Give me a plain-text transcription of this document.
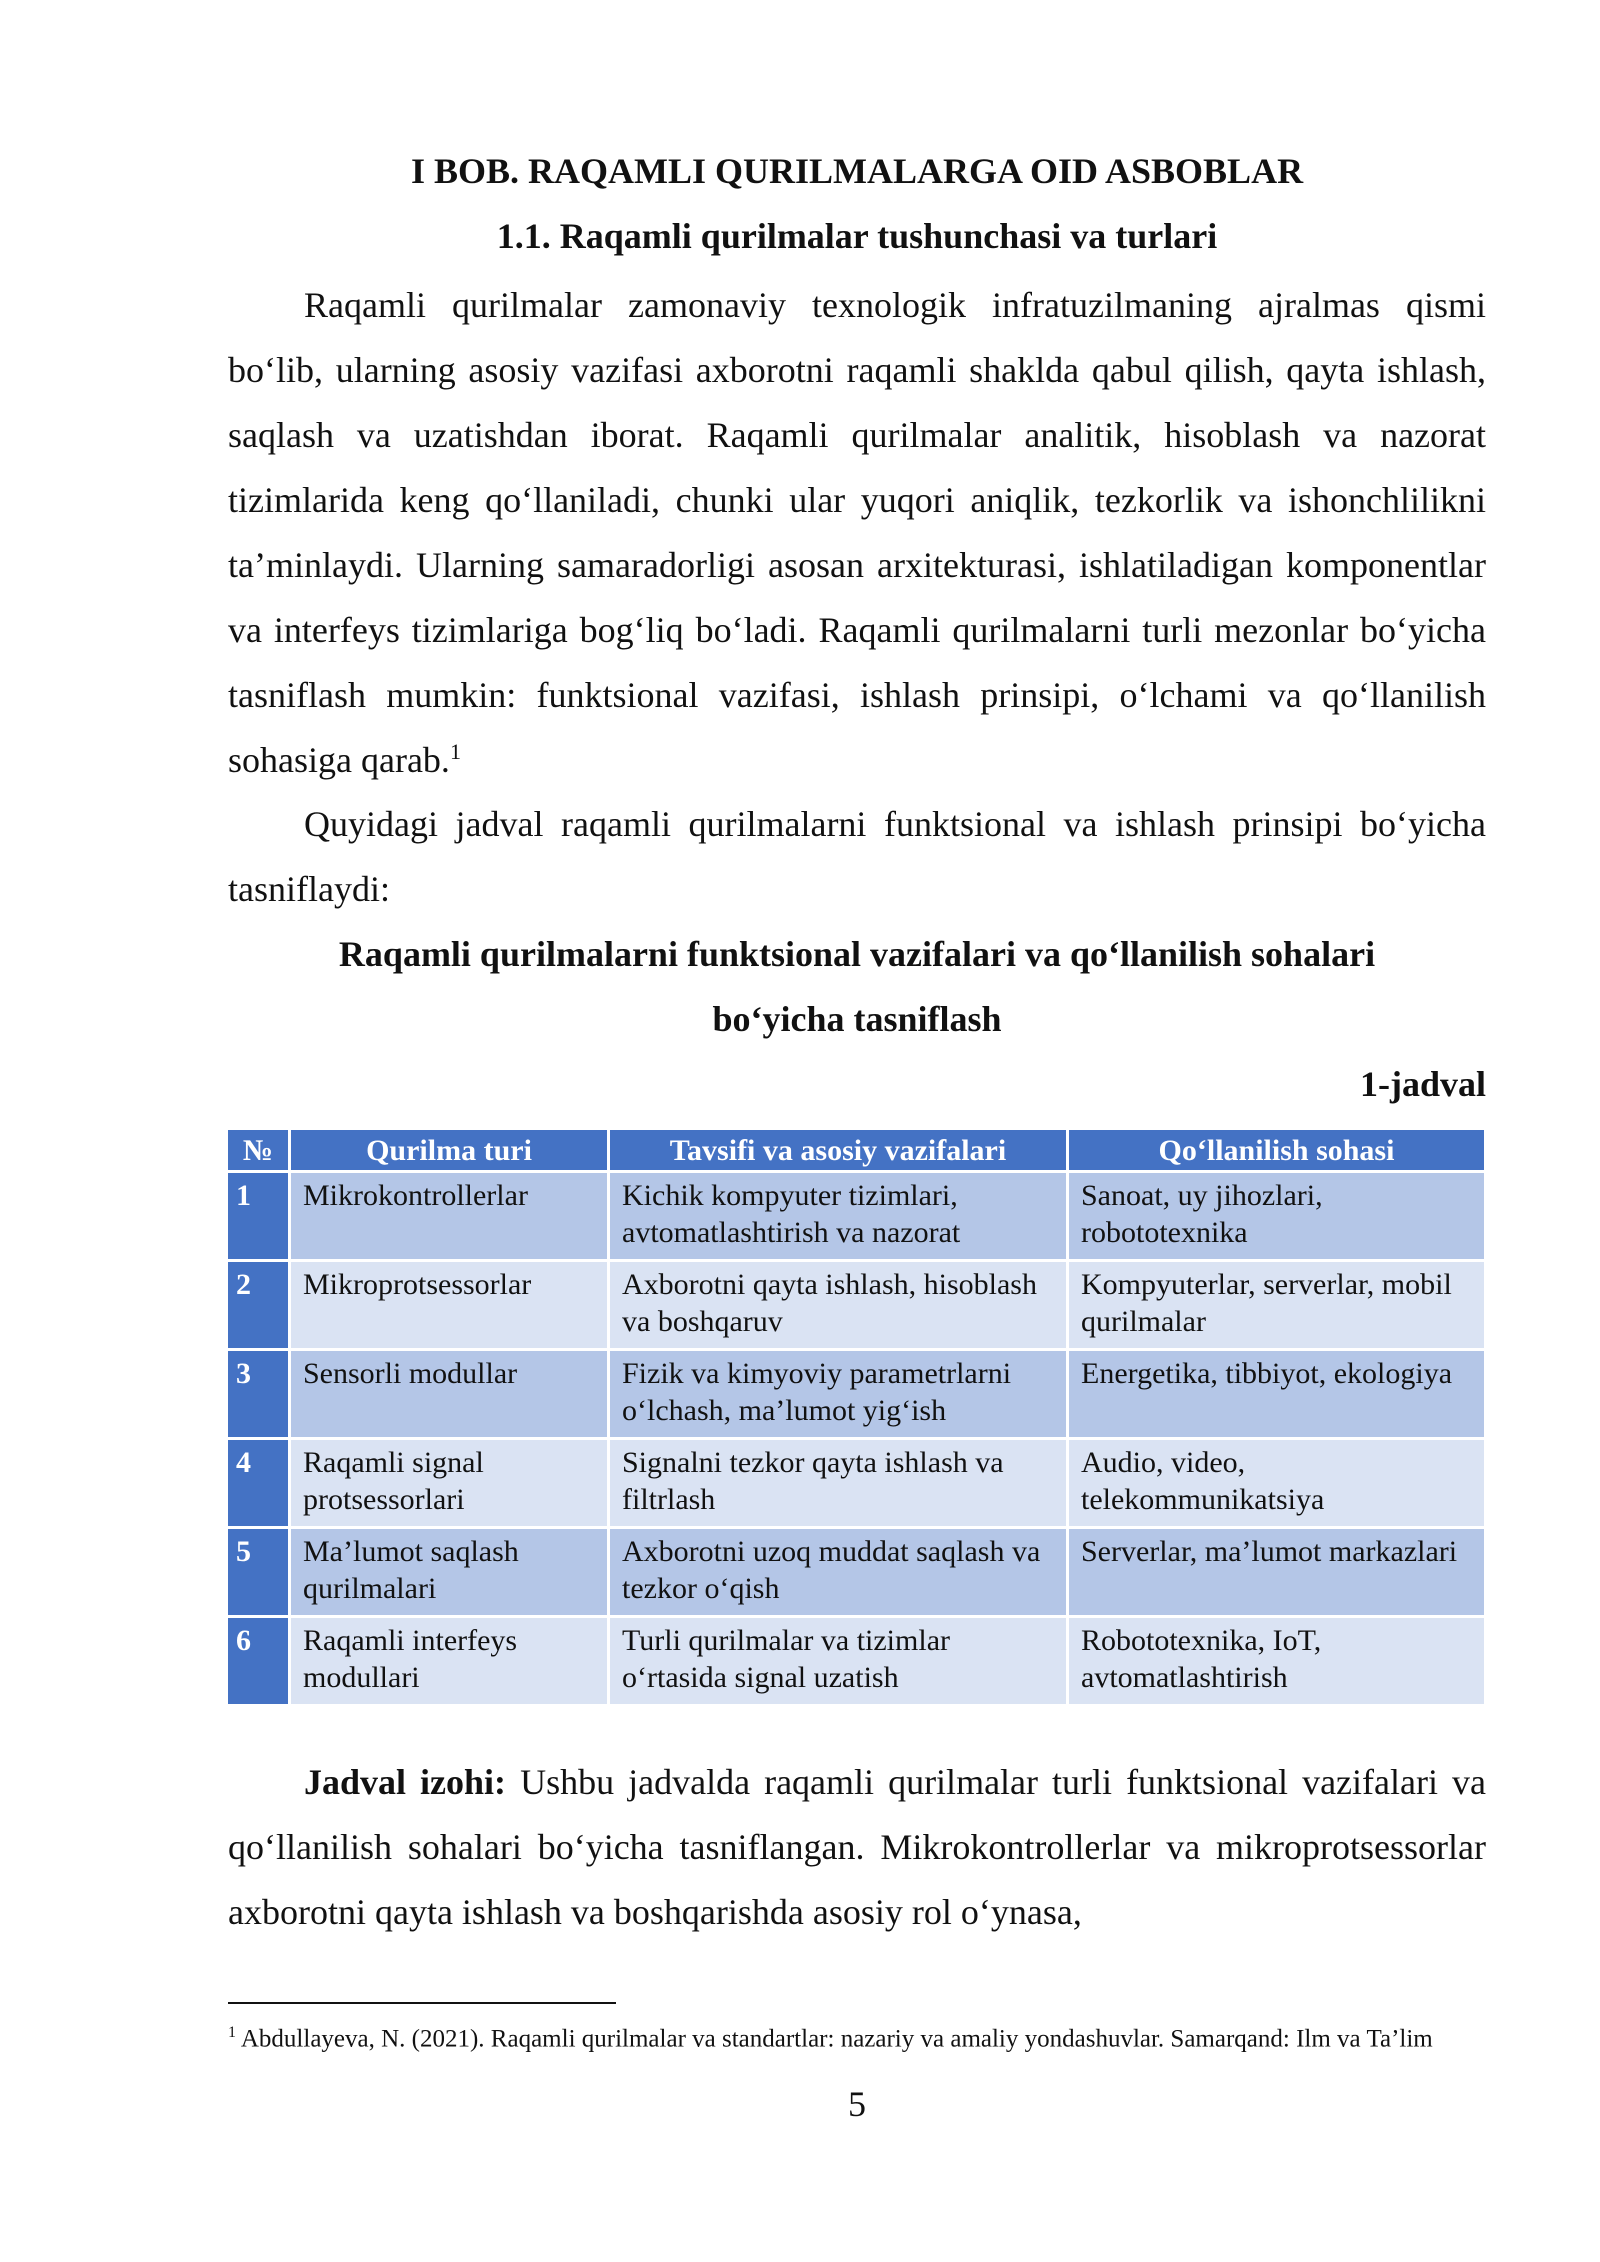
I BOB. RAQAMLI QURILMALARGA OID ASBOBLAR
1.1. Raqamli qurilmalar tushunchasi va turlari

Raqamli qurilmalar zamonaviy texnologik infratuzilmaning ajralmas qismi bo‘lib, ularning asosiy vazifasi axborotni raqamli shaklda qabul qilish, qayta ishlash, saqlash va uzatishdan iborat. Raqamli qurilmalar analitik, hisoblash va nazorat tizimlarida keng qo‘llaniladi, chunki ular yuqori aniqlik, tezkorlik va ishonchlilikni ta’minlaydi. Ularning samaradorligi asosan arxitekturasi, ishlatiladigan komponentlar va interfeys tizimlariga bog‘liq bo‘ladi. Raqamli qurilmalarni turli mezonlar bo‘yicha tasniflash mumkin: funktsional vazifasi, ishlash prinsipi, o‘lchami va qo‘llanilish sohasiga qarab.$^1$

Quyidagi jadval raqamli qurilmalarni funktsional va ishlash prinsipi bo‘yicha tasniflaydi:

Raqamli qurilmalarni funktsional vazifalari va qo‘llanilish sohalari
bo‘yicha tasniflash
1-jadval
№	Qurilma turi	Tavsifi va asosiy vazifalari	Qo‘llanilish sohasi
1	Mikrokontrollerlar	Kichik kompyuter tizimlari, avtomatlashtirish va nazorat	Sanoat, uy jihozlari, robototexnika
2	Mikroprotsessorlar	Axborotni qayta ishlash, hisoblash va boshqaruv	Kompyuterlar, serverlar, mobil qurilmalar
3	Sensorli modullar	Fizik va kimyoviy parametrlarni o‘lchash, ma’lumot yig‘ish	Energetika, tibbiyot, ekologiya
4	Raqamli signal protsessorlari	Signalni tezkor qayta ishlash va filtrlash	Audio, video, telekommunikatsiya
5	Ma’lumot saqlash qurilmalari	Axborotni uzoq muddat saqlash va tezkor o‘qish	Serverlar, ma’lumot markazlari
6	Raqamli interfeys modullari	Turli qurilmalar va tizimlar o‘rtasida signal uzatish	Robototexnika, IoT, avtomatlashtirish

Jadval izohi: Ushbu jadvalda raqamli qurilmalar turli funktsional vazifalari va qo‘llanilish sohalari bo‘yicha tasniflangan. Mikrokontrollerlar va mikroprotsessorlar axborotni qayta ishlash va boshqarishda asosiy rol o‘ynasa,

$^1$ Abdullayeva, N. (2021). Raqamli qurilmalar va standartlar: nazariy va amaliy yondashuvlar. Samarqand: Ilm va Ta’lim

5
